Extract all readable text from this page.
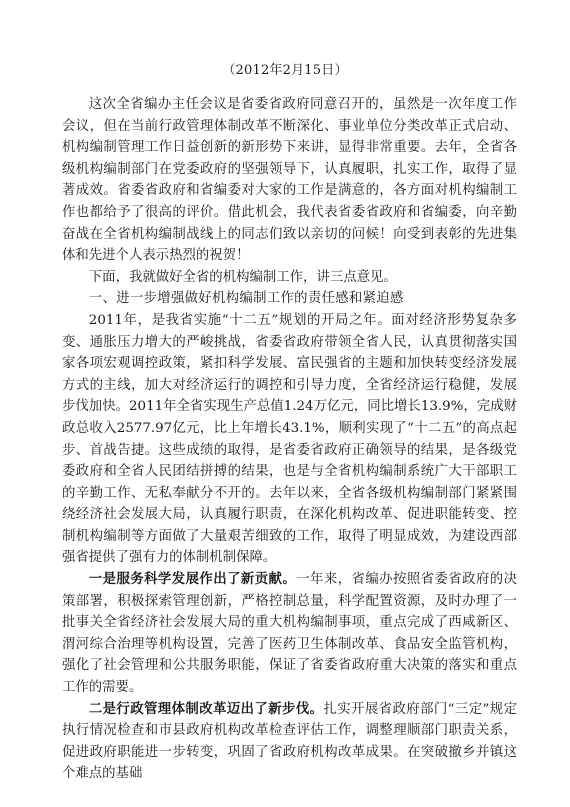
（2012年2月15日）

这次全省编办主任会议是省委省政府同意召开的，虽然是一次年度工作会议，但在当前行政管理体制改革不断深化、事业单位分类改革正式启动、机构编制管理工作日益创新的新形势下来讲，显得非常重要。去年，全省各级机构编制部门在党委政府的坚强领导下，认真履职，扎实工作，取得了显著成效。省委省政府和省编委对大家的工作是满意的，各方面对机构编制工作也都给予了很高的评价。借此机会，我代表省委省政府和省编委，向辛勤奋战在全省机构编制战线上的同志们致以亲切的问候！向受到表彰的先进集体和先进个人表示热烈的祝贺！

下面，我就做好全省的机构编制工作，讲三点意见。

一、进一步增强做好机构编制工作的责任感和紧迫感

2011年，是我省实施“十二五”规划的开局之年。面对经济形势复杂多变、通胀压力增大的严峻挑战，省委省政府带领全省人民，认真贯彻落实国家各项宏观调控政策，紧扣科学发展、富民强省的主题和加快转变经济发展方式的主线，加大对经济运行的调控和引导力度，全省经济运行稳健，发展步伐加快。2011年全省实现生产总值1.24万亿元，同比增长13.9%，完成财政总收入2577.97亿元，比上年增长43.1%，顺利实现了“十二五”的高点起步、首战告捷。这些成绩的取得，是省委省政府正确领导的结果，是各级党委政府和全省人民团结拼搏的结果，也是与全省机构编制系统广大干部职工的辛勤工作、无私奉献分不开的。去年以来，全省各级机构编制部门紧紧围绕经济社会发展大局，认真履行职责，在深化机构改革、促进职能转变、控制机构编制等方面做了大量艰苦细致的工作，取得了明显成效，为建设西部强省提供了强有力的体制机制保障。

一是服务科学发展作出了新贡献。一年来，省编办按照省委省政府的决策部署，积极探索管理创新，严格控制总量，科学配置资源，及时办理了一批事关全省经济社会发展大局的重大机构编制事项，重点完成了西咸新区、渭河综合治理等机构设置，完善了医药卫生体制改革、食品安全监管机构，强化了社会管理和公共服务职能，保证了省委省政府重大决策的落实和重点工作的需要。

二是行政管理体制改革迈出了新步伐。扎实开展省政府部门“三定”规定执行情况检查和市县政府机构改革检查评估工作，调整理顺部门职责关系，促进政府职能进一步转变，巩固了省政府机构改革成果。在突破撤乡并镇这个难点的基础
